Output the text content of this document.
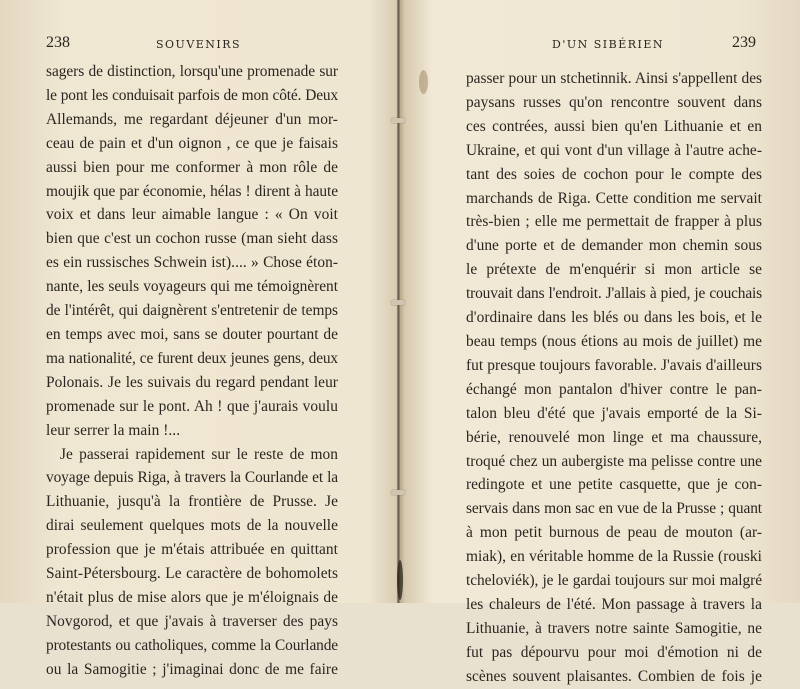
238	SOUVENIRS
sagers de distinction, lorsqu'une promenade sur
le pont les conduisait parfois de mon côté. Deux
Allemands, me regardant déjeuner d'un mor-
ceau de pain et d'un oignon , ce que je faisais
aussi bien pour me conformer à mon rôle de
moujik que par économie, hélas ! dirent à haute
voix et dans leur aimable langue : « On voit
bien que c'est un cochon russe (man sieht dass
es ein russisches Schwein ist).... » Chose éton-
nante, les seuls voyageurs qui me témoignèrent
de l'intérêt, qui daignèrent s'entretenir de temps
en temps avec moi, sans se douter pourtant de
ma nationalité, ce furent deux jeunes gens, deux
Polonais. Je les suivais du regard pendant leur
promenade sur le pont. Ah ! que j'aurais voulu
leur serrer la main !...
Je passerai rapidement sur le reste de mon
voyage depuis Riga, à travers la Courlande et la
Lithuanie, jusqu'à la frontière de Prusse. Je
dirai seulement quelques mots de la nouvelle
profession que je m'étais attribuée en quittant
Saint-Pétersbourg. Le caractère de bohomolets
n'était plus de mise alors que je m'éloignais de
Novgorod, et que j'avais à traverser des pays
protestants ou catholiques, comme la Courlande
ou la Samogitie ; j'imaginai donc de me faire
D'UN SIBÉRIEN	239
passer pour un stchetinnik. Ainsi s'appellent des
paysans russes qu'on rencontre souvent dans
ces contrées, aussi bien qu'en Lithuanie et en
Ukraine, et qui vont d'un village à l'autre ache-
tant des soies de cochon pour le compte des
marchands de Riga. Cette condition me servait
très-bien ; elle me permettait de frapper à plus
d'une porte et de demander mon chemin sous
le prétexte de m'enquérir si mon article se
trouvait dans l'endroit. J'allais à pied, je couchais
d'ordinaire dans les blés ou dans les bois, et le
beau temps (nous étions au mois de juillet) me
fut presque toujours favorable. J'avais d'ailleurs
échangé mon pantalon d'hiver contre le pan-
talon bleu d'été que j'avais emporté de la Si-
bérie, renouvelé mon linge et ma chaussure,
troqué chez un aubergiste ma pelisse contre une
redingote et une petite casquette, que je con-
servais dans mon sac en vue de la Prusse ; quant
à mon petit burnous de peau de mouton (ar-
miak), en véritable homme de la Russie (rouski
tcheloviék), je le gardai toujours sur moi malgré
les chaleurs de l'été. Mon passage à travers la
Lithuanie, à travers notre sainte Samogitie, ne
fut pas dépourvu pour moi d'émotion ni de
scènes souvent plaisantes. Combien de fois je
